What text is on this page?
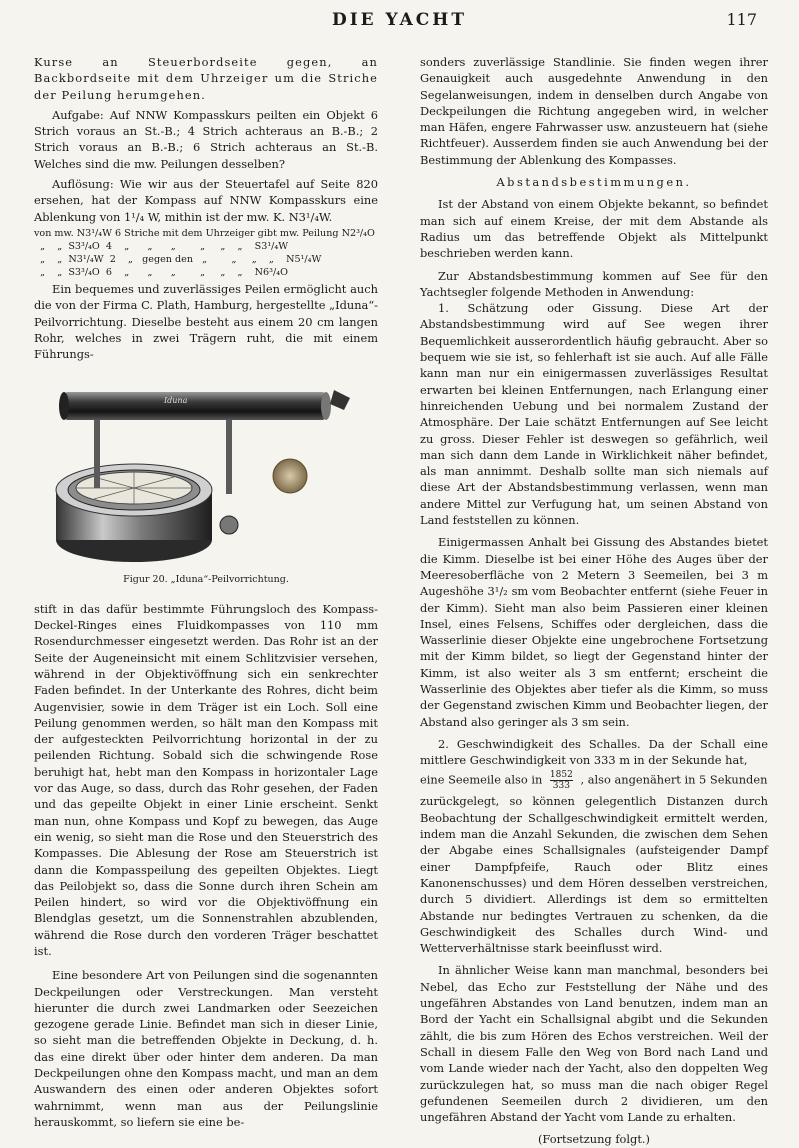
DIE YACHT	117

Kurse an Steuerbordseite gegen, an Backbordseite mit dem Uhrzeiger um die Striche der Peilung herumgehen.

Aufgabe: Auf NNW Kompasskurs peilten ein Objekt 6 Strich voraus an St.-B.; 4 Strich achteraus an B.-B.; 2 Strich voraus an B.-B.; 6 Strich achteraus an St.-B. Welches sind die mw. Peilungen desselben?

Auflösung: Wie wir aus der Steuertafel auf Seite 820 ersehen, hat der Kompass auf NNW Kompasskurs eine Ablenkung von 1¹/₄ W, mithin ist der mw. K. N3¹/₄W.

von mw. N3¹/₄W 6 Striche mit dem Uhrzeiger gibt mw. Peilung N2³/₄O
„    „  S3³/₄O  4    „      „      „        „     „    „    S3¹/₄W
„    „  N3¹/₄W  2    „   gegen den   „        „     „    „    N5¹/₄W
„    „  S3³/₄O  6    „      „      „        „     „    „    N6³/₄O

Ein bequemes und zuverlässiges Peilen ermöglicht auch die von der Firma C. Plath, Hamburg, hergestellte „Iduna“-Peilvorrichtung. Dieselbe besteht aus einem 20 cm langen Rohr, welches in zwei Trägern ruht, die mit einem Führungs-

Iduna
Figur 20. „Iduna“-Peilvorrichtung.

stift in das dafür bestimmte Führungsloch des Kompass-Deckel-Ringes eines Fluidkompasses von 110 mm Rosendurchmesser eingesetzt werden. Das Rohr ist an der Seite der Augeneinsicht mit einem Schlitzvisier versehen, während in der Objektivöffnung sich ein senkrechter Faden befindet. In der Unterkante des Rohres, dicht beim Augenvisier, sowie in dem Träger ist ein Loch. Soll eine Peilung genommen werden, so hält man den Kompass mit der aufgesteckten Peilvorrichtung horizontal in der zu peilenden Richtung. Sobald sich die schwingende Rose beruhigt hat, hebt man den Kompass in horizontaler Lage vor das Auge, so dass, durch das Rohr gesehen, der Faden und das gepeilte Objekt in einer Linie erscheint. Senkt man nun, ohne Kompass und Kopf zu bewegen, das Auge ein wenig, so sieht man die Rose und den Steuerstrich des Kompasses. Die Ablesung der Rose am Steuerstrich ist dann die Kompasspeilung des gepeilten Objektes. Liegt das Peilobjekt so, dass die Sonne durch ihren Schein am Peilen hindert, so wird vor die Objektivöffnung ein Blendglas gesetzt, um die Sonnenstrahlen abzublenden, während die Rose durch den vorderen Träger beschattet ist.

Eine besondere Art von Peilungen sind die sogenannten Deckpeilungen oder Verstreckungen. Man versteht hierunter die durch zwei Landmarken oder Seezeichen gezogene gerade Linie. Befindet man sich in dieser Linie, so sieht man die betreffenden Objekte in Deckung, d. h. das eine direkt über oder hinter dem anderen. Da man Deckpeilungen ohne den Kompass macht, und man an dem Auswandern des einen oder anderen Objektes sofort wahrnimmt, wenn man aus der Peilungslinie herauskommt, so liefern sie eine be-

sonders zuverlässige Standlinie. Sie finden wegen ihrer Genauigkeit auch ausgedehnte Anwendung in den Segelanweisungen, indem in denselben durch Angabe von Deckpeilungen die Richtung angegeben wird, in welcher man Häfen, engere Fahrwasser usw. anzusteuern hat (siehe Richtfeuer). Ausserdem finden sie auch Anwendung bei der Bestimmung der Ablenkung des Kompasses.

Abstandsbestimmungen.

Ist der Abstand von einem Objekte bekannt, so befindet man sich auf einem Kreise, der mit dem Abstande als Radius um das betreffende Objekt als Mittelpunkt beschrieben werden kann.

Zur Abstandsbestimmung kommen auf See für den Yachtsegler folgende Methoden in Anwendung:

1. Schätzung oder Gissung. Diese Art der Abstandsbestimmung wird auf See wegen ihrer Bequemlichkeit ausserordentlich häufig gebraucht. Aber so bequem wie sie ist, so fehlerhaft ist sie auch. Auf alle Fälle kann man nur ein einigermassen zuverlässiges Resultat erwarten bei kleinen Entfernungen, nach Erlangung einer hinreichenden Uebung und bei normalem Zustand der Atmosphäre. Der Laie schätzt Entfernungen auf See leicht zu gross. Dieser Fehler ist deswegen so gefährlich, weil man sich dann dem Lande in Wirklichkeit näher befindet, als man annimmt. Deshalb sollte man sich niemals auf diese Art der Abstandsbestimmung verlassen, wenn man andere Mittel zur Verfugung hat, um seinen Abstand von Land feststellen zu können.

Einigermassen Anhalt bei Gissung des Abstandes bietet die Kimm. Dieselbe ist bei einer Höhe des Auges über der Meeresoberfläche von 2 Metern 3 Seemeilen, bei 3 m Augeshöhe 3¹/₂ sm vom Beobachter entfernt (siehe Feuer in der Kimm). Sieht man also beim Passieren einer kleinen Insel, eines Felsens, Schiffes oder dergleichen, dass die Wasserlinie dieser Objekte eine ungebrochene Fortsetzung mit der Kimm bildet, so liegt der Gegenstand hinter der Kimm, ist also weiter als 3 sm entfernt; erscheint die Wasserlinie des Objektes aber tiefer als die Kimm, so muss der Gegenstand zwischen Kimm und Beobachter liegen, der Abstand also geringer als 3 sm sein.

2. Geschwindigkeit des Schalles. Da der Schall eine mittlere Geschwindigkeit von 333 m in der Sekunde hat,

eine Seemeile also in $\frac{1852}{333}$ , also angenähert in 5 Sekunden

zurückgelegt, so können gelegentlich Distanzen durch Beobachtung der Schallgeschwindigkeit ermittelt werden, indem man die Anzahl Sekunden, die zwischen dem Sehen der Abgabe eines Schallsignales (aufsteigender Dampf einer Dampfpfeife, Rauch oder Blitz eines Kanonenschusses) und dem Hören desselben verstreichen, durch 5 dividiert. Allerdings ist dem so ermittelten Abstande nur bedingtes Vertrauen zu schenken, da die Geschwindigkeit des Schalles durch Wind- und Wetterverhältnisse stark beeinflusst wird.

In ähnlicher Weise kann man manchmal, besonders bei Nebel, das Echo zur Feststellung der Nähe und des ungefähren Abstandes von Land benutzen, indem man an Bord der Yacht ein Schallsignal abgibt und die Sekunden zählt, die bis zum Hören des Echos verstreichen. Weil der Schall in diesem Falle den Weg von Bord nach Land und vom Lande wieder nach der Yacht, also den doppelten Weg zurückzulegen hat, so muss man die nach obiger Regel gefundenen Seemeilen durch 2 dividieren, um den ungefähren Abstand der Yacht vom Lande zu erhalten.

(Fortsetzung folgt.)
